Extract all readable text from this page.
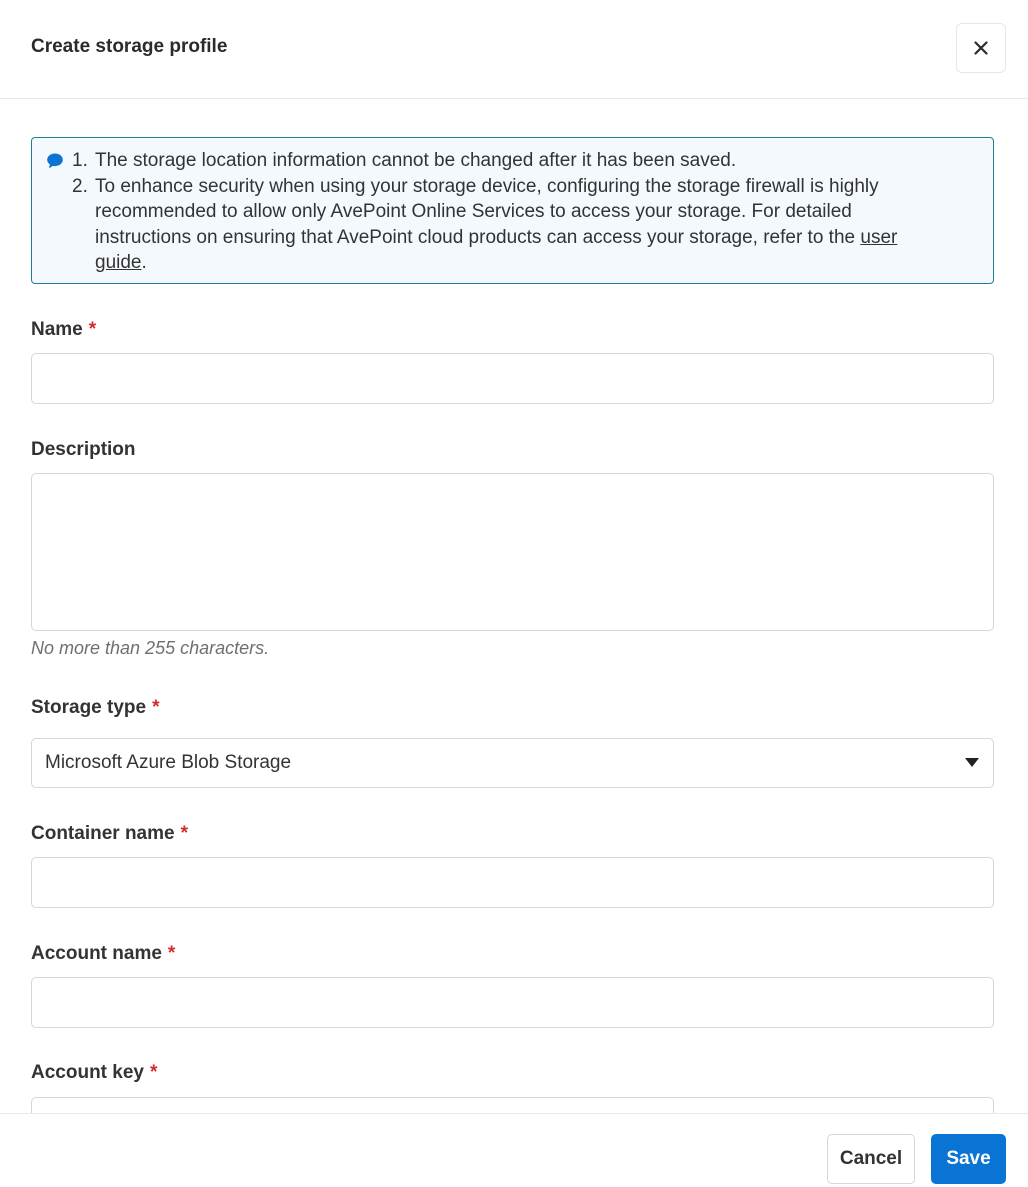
Create storage profile
1. The storage location information cannot be changed after it has been saved.
2. To enhance security when using your storage device, configuring the storage firewall is highly recommended to allow only AvePoint Online Services to access your storage. For detailed instructions on ensuring that AvePoint cloud products can access your storage, refer to the user guide.
Name *
Description
No more than 255 characters.
Storage type *
Microsoft Azure Blob Storage
Container name *
Account name *
Account key *
Cancel	Save
